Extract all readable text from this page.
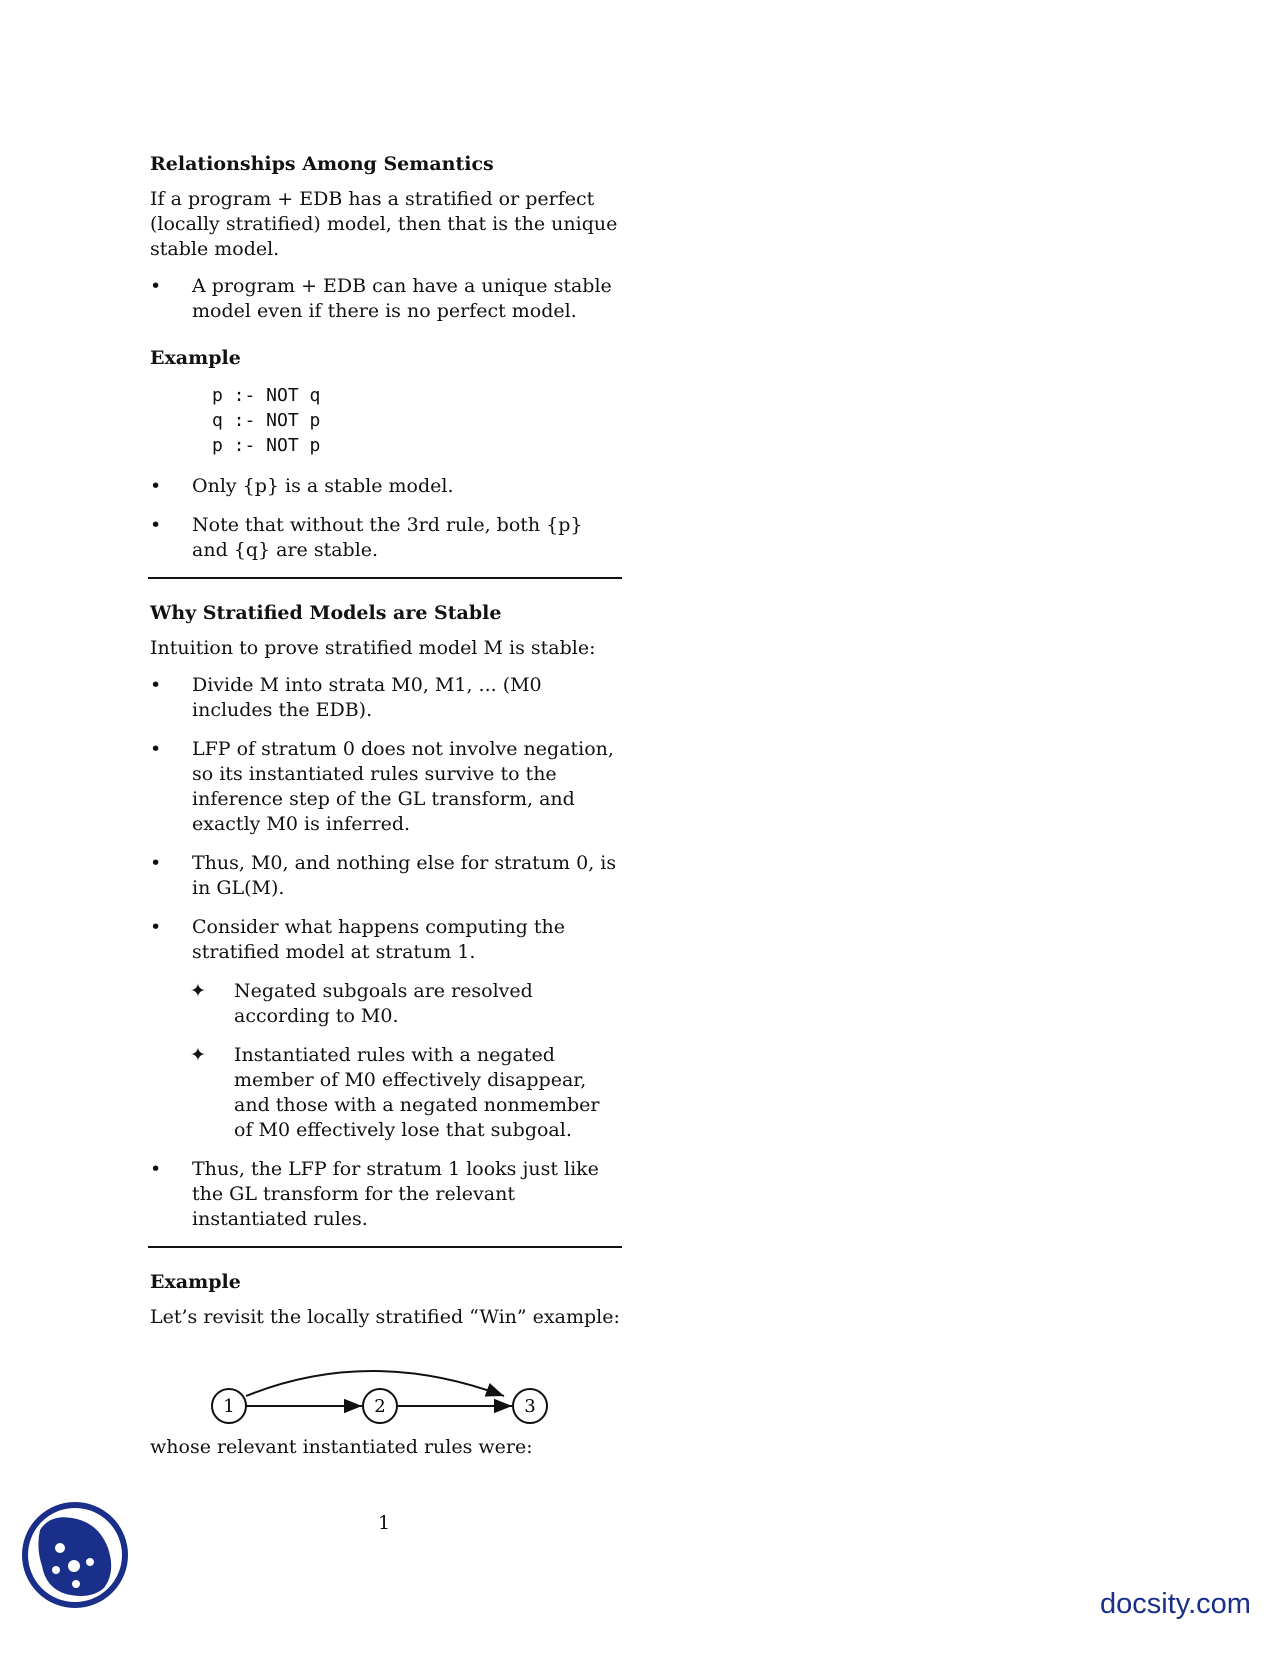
Relationships Among Semantics
If a program + EDB has a stratified or perfect (locally stratified) model, then that is the unique stable model.
• A program + EDB can have a unique stable model even if there is no perfect model.
Example
p :- NOT q
q :- NOT p
p :- NOT p
• Only {p} is a stable model.
• Note that without the 3rd rule, both {p} and {q} are stable.
Why Stratified Models are Stable
Intuition to prove stratified model M is stable:
• Divide M into strata M0, M1, ... (M0 includes the EDB).
• LFP of stratum 0 does not involve negation, so its instantiated rules survive to the inference step of the GL transform, and exactly M0 is inferred.
• Thus, M0, and nothing else for stratum 0, is in GL(M).
• Consider what happens computing the stratified model at stratum 1.
✦ Negated subgoals are resolved according to M0.
✦ Instantiated rules with a negated member of M0 effectively disappear, and those with a negated nonmember of M0 effectively lose that subgoal.
• Thus, the LFP for stratum 1 looks just like the GL transform for the relevant instantiated rules.
Example
Let’s revisit the locally stratified “Win” example:
1	2	3
whose relevant instantiated rules were:
1
docsity.com
